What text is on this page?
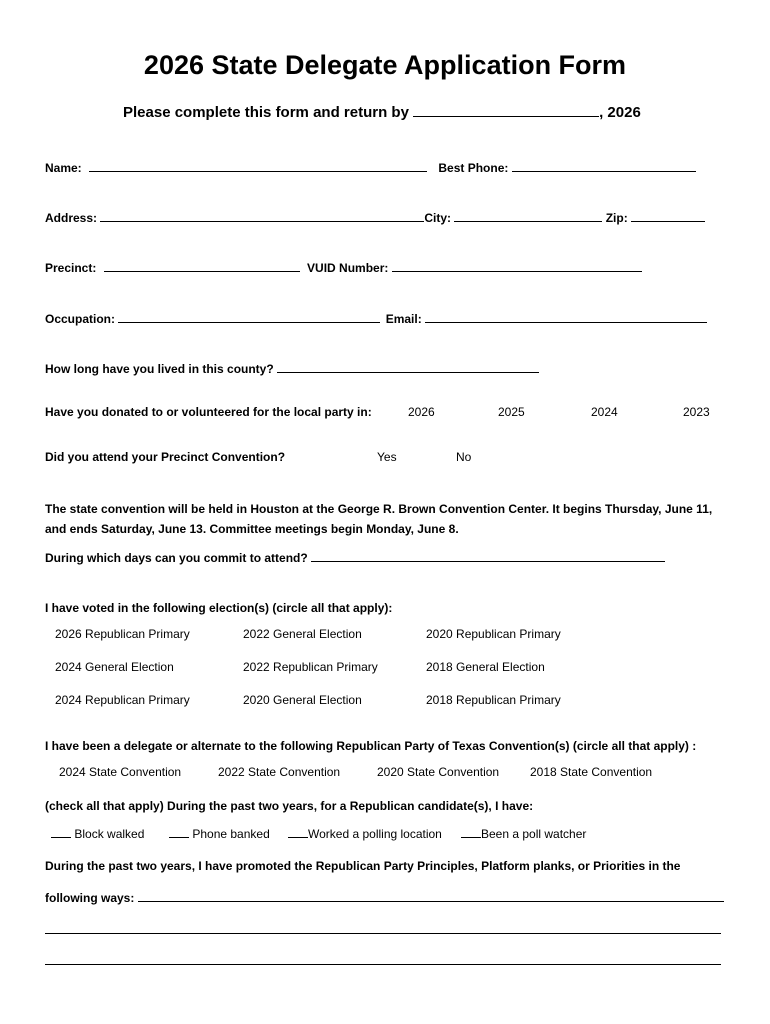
2026 State Delegate Application Form
Please complete this form and return by	, 2026
Name:	Best Phone:
Address:	City:	Zip:
Precinct:	VUID Number:
Occupation:	Email:
How long have you lived in this county?
Have you donated to or volunteered for the local party in:	2026	2025	2024	2023
Did you attend your Precinct Convention?	Yes	No
The state convention will be held in Houston at the George R. Brown Convention Center. It begins Thursday, June 11,
and ends Saturday, June 13. Committee meetings begin Monday, June 8.
During which days can you commit to attend?
I have voted in the following election(s) (circle all that apply):
2026 Republican Primary	2022 General Election	2020 Republican Primary
2024 General Election	2022 Republican Primary	2018 General Election
2024 Republican Primary	2020 General Election	2018 Republican Primary
I have been a delegate or alternate to the following Republican Party of Texas Convention(s) (circle all that apply) :
2024 State Convention	2022 State Convention	2020 State Convention	2018 State Convention
(check all that apply) During the past two years, for a Republican candidate(s), I have:
Block walked	Phone banked	Worked a polling location	Been a poll watcher
During the past two years, I have promoted the Republican Party Principles, Platform planks, or Priorities in the
following ways:
